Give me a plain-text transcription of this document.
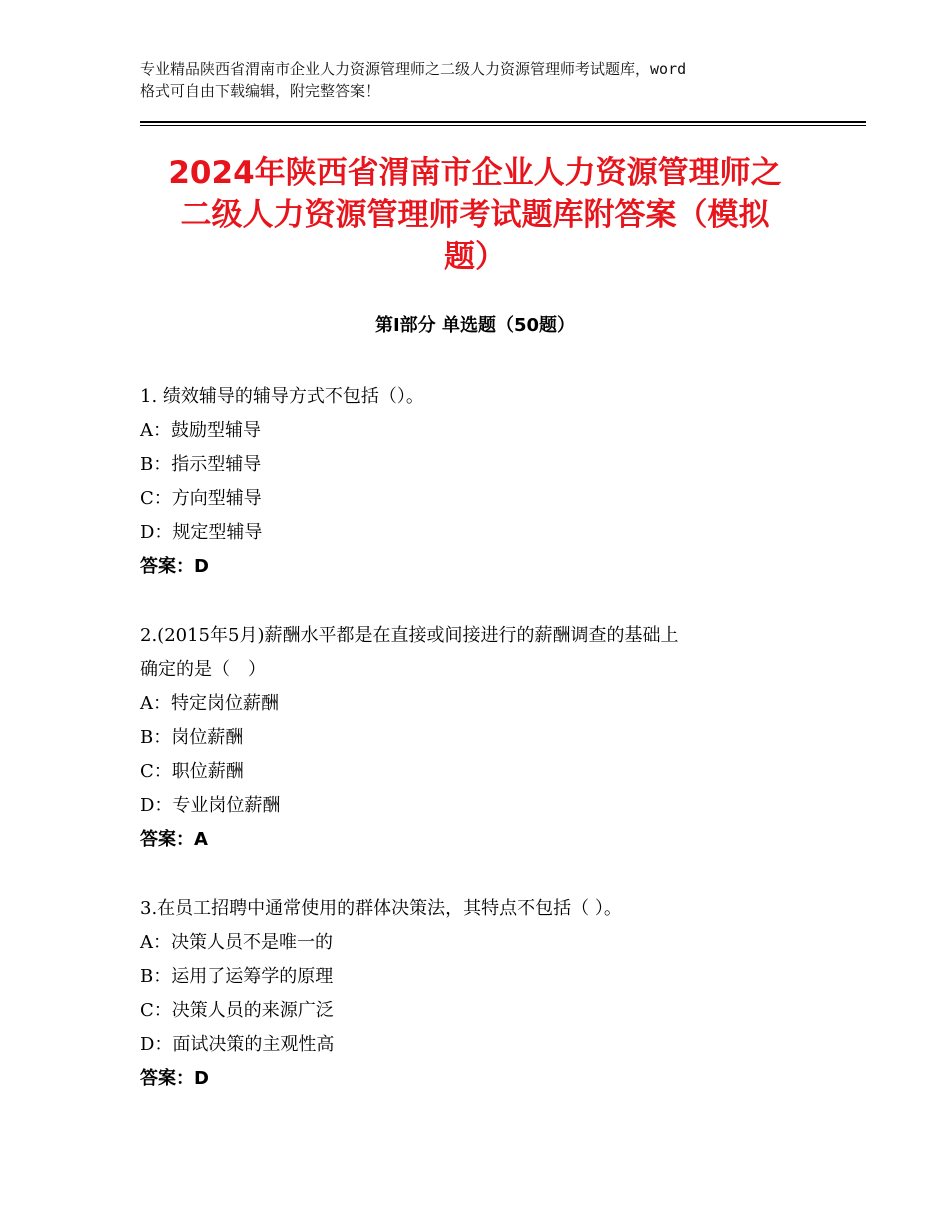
专业精品陕西省渭南市企业人力资源管理师之二级人力资源管理师考试题库，word
格式可自由下载编辑，附完整答案！
2024年陕西省渭南市企业人力资源管理师之
二级人力资源管理师考试题库附答案（模拟
题）
第Ⅰ部分 单选题（50题）
1. 绩效辅导的辅导方式不包括（）。
A：鼓励型辅导
B：指示型辅导
C：方向型辅导
D：规定型辅导
答案：D
2.(2015年5月)薪酬水平都是在直接或间接进行的薪酬调查的基础上
确定的是（　）
A：特定岗位薪酬
B：岗位薪酬
C：职位薪酬
D：专业岗位薪酬
答案：A
3.在员工招聘中通常使用的群体决策法，其特点不包括（ ）。
A：决策人员不是唯一的
B：运用了运筹学的原理
C：决策人员的来源广泛
D：面试决策的主观性高
答案：D
